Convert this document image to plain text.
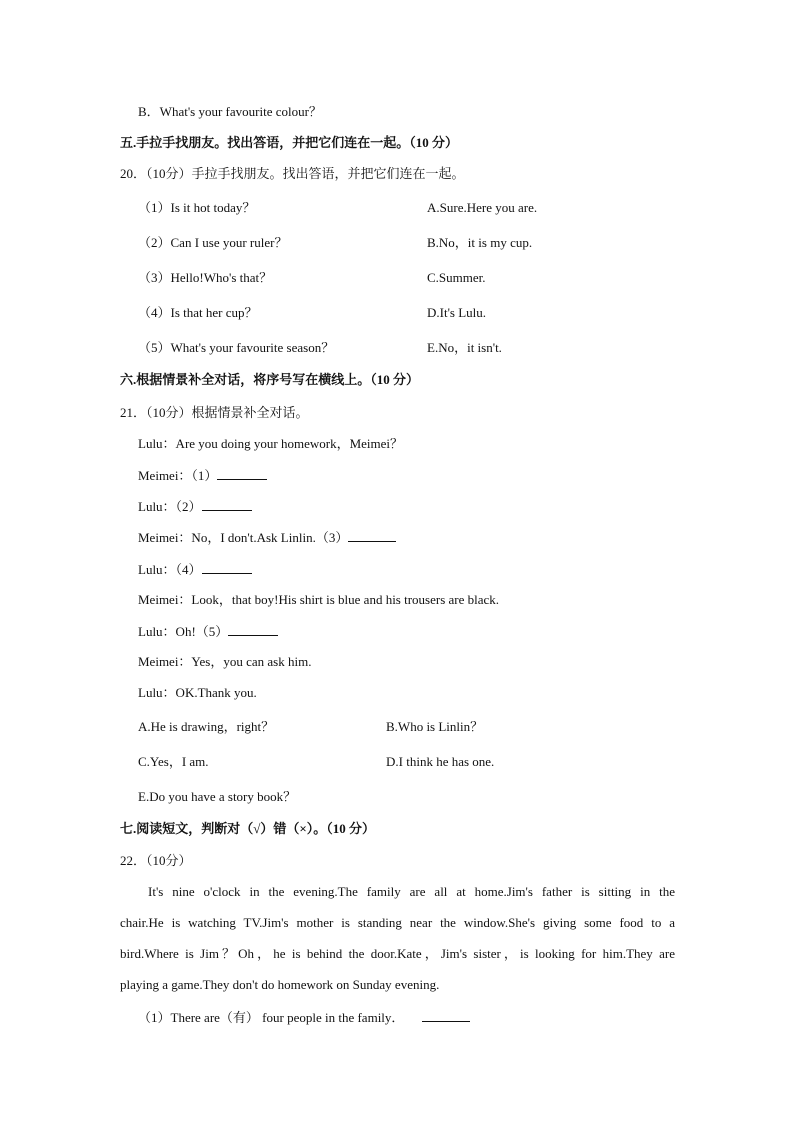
B．What's your favourite colour？
五.手拉手找朋友。找出答语，并把它们连在一起。（10 分）
20．（10分）手拉手找朋友。找出答语，并把它们连在一起。
（1）Is it hot today？
（2）Can I use your ruler？
（3）Hello!Who's that？
（4）Is that her cup？
（5）What's your favourite season？
A.Sure.Here you are.
B.No，it is my cup.
C.Summer.
D.It's Lulu.
E.No，it isn't.
六.根据情景补全对话，将序号写在横线上。（10 分）
21．（10分）根据情景补全对话。
Lulu：Are you doing your homework，Meimei？
Meimei：（1）
Lulu：（2）
Meimei：No，I don't.Ask Linlin.（3）
Lulu：（4）
Meimei：Look，that boy!His shirt is blue and his trousers are black.
Lulu：Oh!（5）
Meimei：Yes，you can ask him.
Lulu：OK.Thank you.
A.He is drawing，right？	B.Who is Linlin？
C.Yes，I am.	D.I think he has one.
E.Do you have a story book？
七.阅读短文，判断对（√）错（×）。（10 分）
22．（10分）
It's nine o'clock in the evening.The family are all at home.Jim's father is sitting in the
chair.He is watching TV.Jim's mother is standing near the window.She's giving some food to a
bird.Where is Jim？Oh，he is behind the door.Kate，Jim's sister，is looking for him.They are
playing a game.They don't do homework on Sunday evening.
（1）There are（有） four people in the family．
